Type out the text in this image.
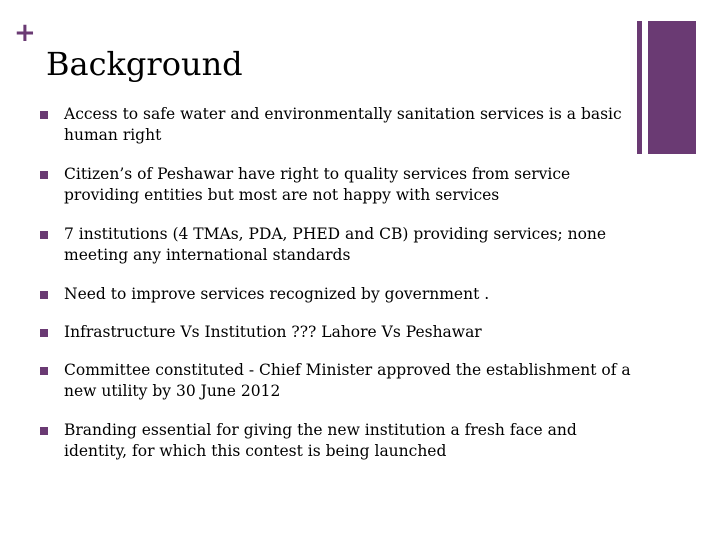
+
Background
Access to safe water and environmentally sanitation services is a basic human right
Citizen’s of Peshawar have right to quality services from service providing entities but most are not happy with services
7 institutions (4 TMAs, PDA, PHED and CB) providing services; none meeting any international standards
Need to improve services recognized by government .
Infrastructure Vs Institution ??? Lahore Vs Peshawar
Committee constituted - Chief Minister approved the establishment of a new utility by 30 June 2012
Branding essential for giving the new institution a fresh face and identity, for which this contest is being launched
